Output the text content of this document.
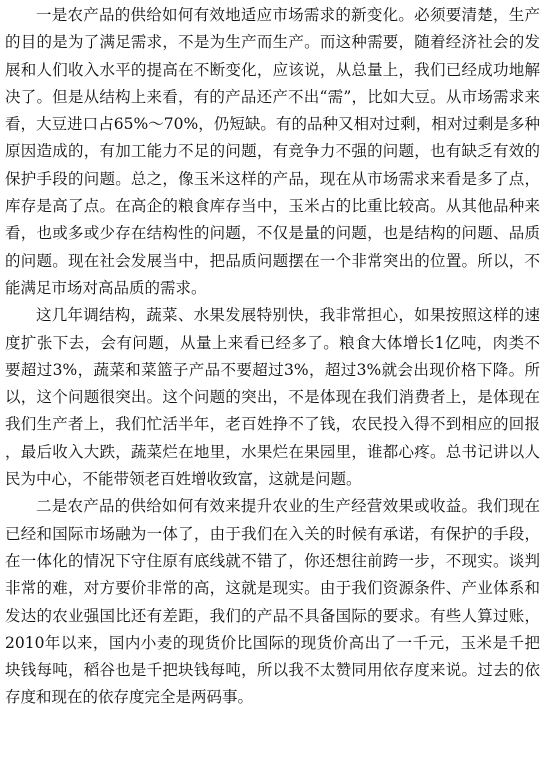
一是农产品的供给如何有效地适应市场需求的新变化。必须要清楚，生产的目的是为了满足需求，不是为生产而生产。而这种需要，随着经济社会的发展和人们收入水平的提高在不断变化，应该说，从总量上，我们已经成功地解决了。但是从结构上来看，有的产品还产不出“需”，比如大豆。从市场需求来看，大豆进口占65%～70%，仍短缺。有的品种又相对过剩，相对过剩是多种原因造成的，有加工能力不足的问题，有竞争力不强的问题，也有缺乏有效的保护手段的问题。总之，像玉米这样的产品，现在从市场需求来看是多了点，库存是高了点。在高企的粮食库存当中，玉米占的比重比较高。从其他品种来看，也或多或少存在结构性的问题，不仅是量的问题，也是结构的问题、品质的问题。现在社会发展当中，把品质问题摆在一个非常突出的位置。所以，不能满足市场对高品质的需求。

这几年调结构，蔬菜、水果发展特别快，我非常担心，如果按照这样的速度扩张下去，会有问题，从量上来看已经多了。粮食大体增长1亿吨，肉类不要超过3%，蔬菜和菜篮子产品不要超过3%，超过3%就会出现价格下降。所以，这个问题很突出。这个问题的突出，不是体现在我们消费者上，是体现在我们生产者上，我们忙活半年，老百姓挣不了钱，农民投入得不到相应的回报，最后收入大跌，蔬菜烂在地里，水果烂在果园里，谁都心疼。总书记讲以人民为中心，不能带领老百姓增收致富，这就是问题。

二是农产品的供给如何有效来提升农业的生产经营效果或收益。我们现在已经和国际市场融为一体了，由于我们在入关的时候有承诺，有保护的手段，在一体化的情况下守住原有底线就不错了，你还想往前跨一步，不现实。谈判非常的难，对方要价非常的高，这就是现实。由于我们资源条件、产业体系和发达的农业强国比还有差距，我们的产品不具备国际的要求。有些人算过账，2010年以来，国内小麦的现货价比国际的现货价高出了一千元，玉米是千把块钱每吨，稻谷也是千把块钱每吨，所以我不太赞同用依存度来说。过去的依存度和现在的依存度完全是两码事。
